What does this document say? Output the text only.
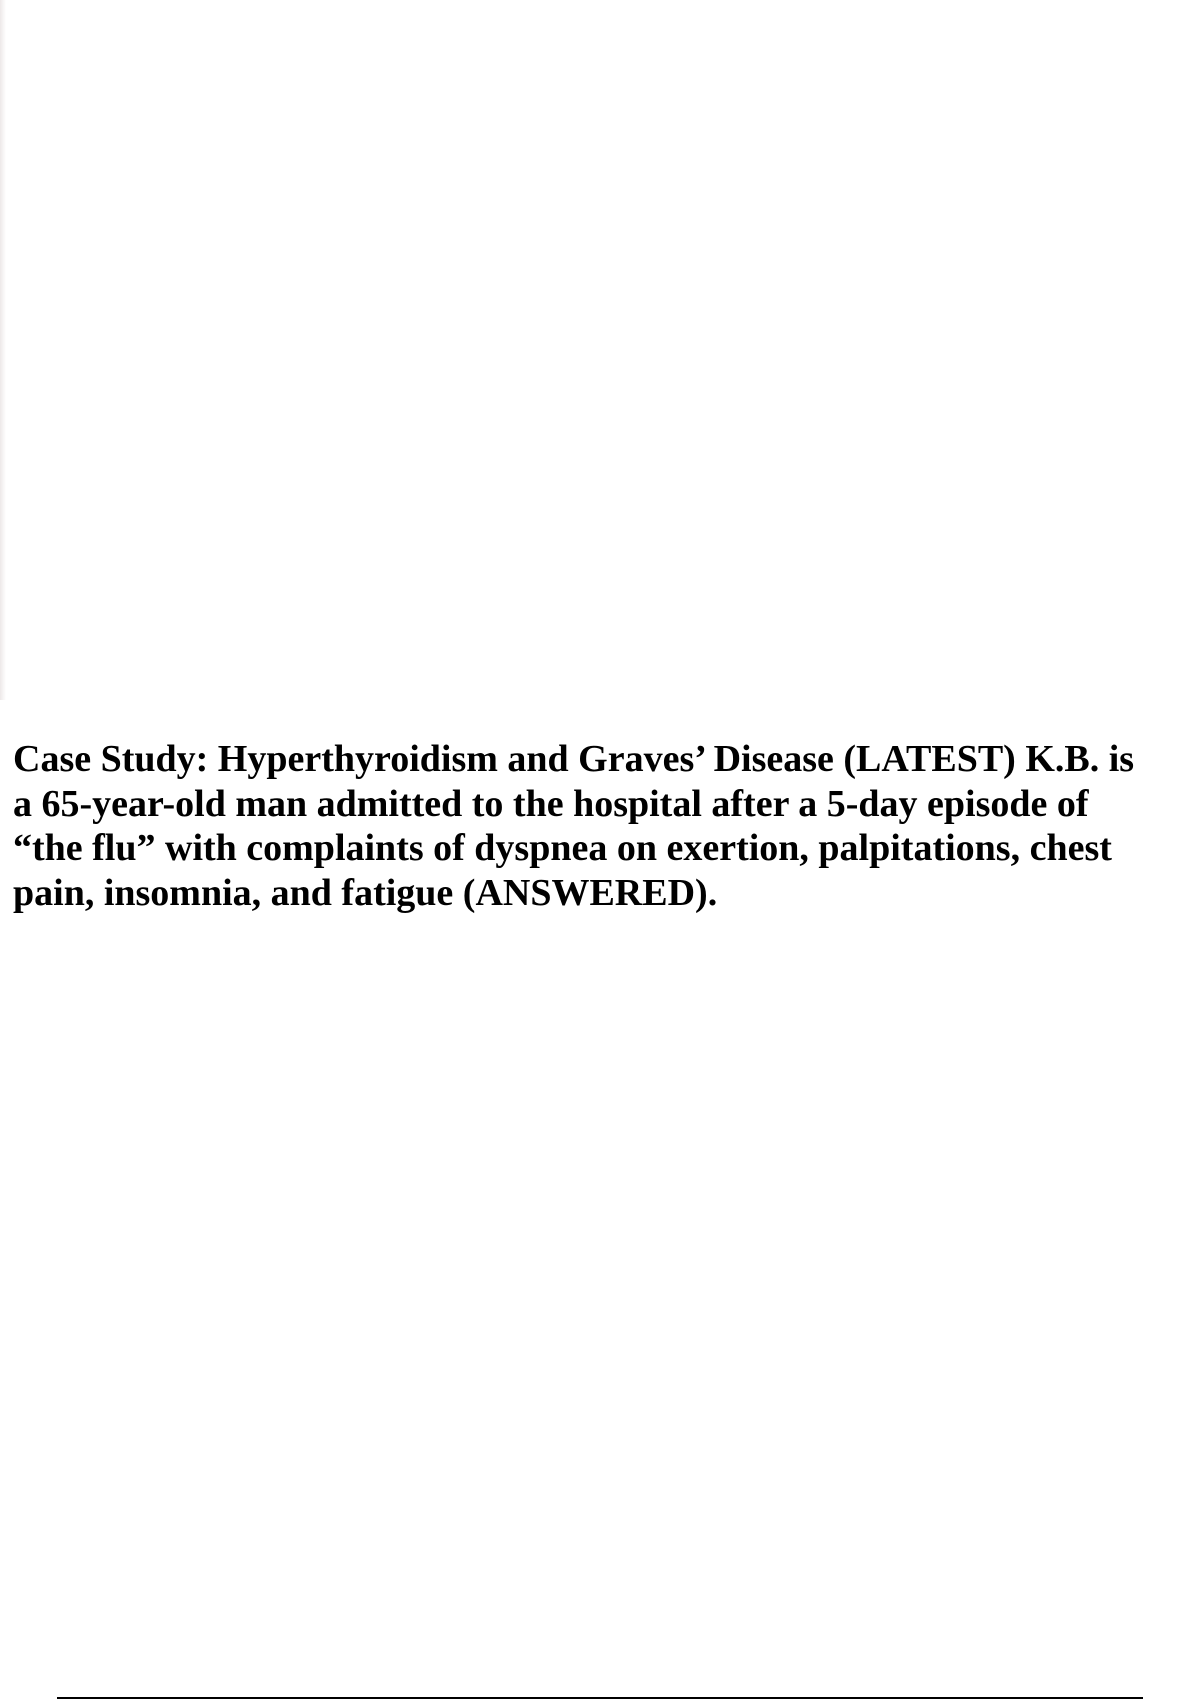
Case Study: Hyperthyroidism and Graves’ Disease (LATEST) K.B. is
a 65-year-old man admitted to the hospital after a 5-day episode of
“the flu” with complaints of dyspnea on exertion, palpitations, chest
pain, insomnia, and fatigue (ANSWERED).
